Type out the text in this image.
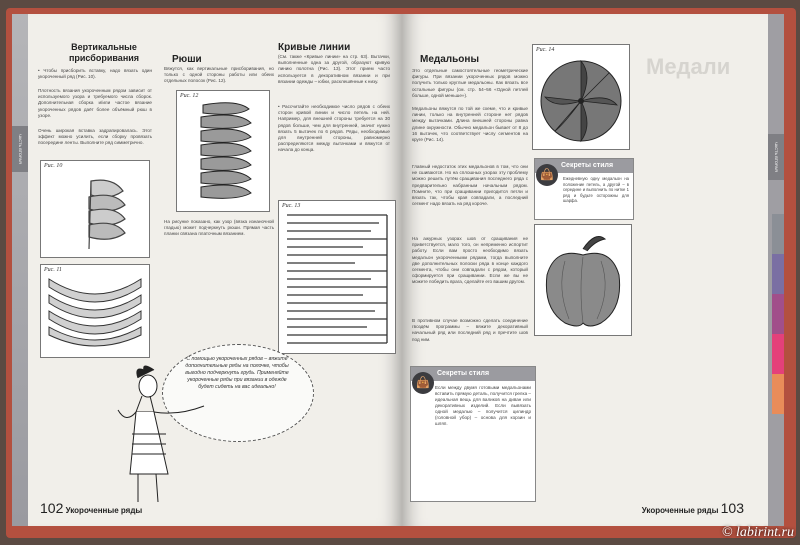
ЧАСТЬ ВТОРАЯ
Вертикальные присборивания
• Чтобы присборить вставку, надо вязать один укороченный ряд (Рис. 10).
Плотность вязания укороченным рядом зависит от используемого узора и требуемого числа сборок. Дополнительная сборка и/или частое вязание укороченных рядов даёт более объёмный рюш в узоре.
Очень широкая вставка задрапировалась. Этот эффект можно усилить, если сборку провязать посередине ленты. Выполните ряд симметрично.
Рис. 10
Рис. 11
Рюши
Вяжутся, как вертикальные присборивания, но только с одной стороны работы или обеих отдельных полосок (Рис. 12).
Рис. 12
На рисунке показано, как узор (вязка изнаночной гладью) может подчеркнуть рюши. Прямая часть планки связана платочным вязанием.
Кривые линии
(См. также «Кривые линии» на стр. 63). Вытачки, выполненные одна за другой, образуют кривую линию полотна (Рис. 13). Этот прием часто используется в декоративном вязании и при вязании одежды – юбки, расклешённые к низу.
• Рассчитайте необходимое число рядов с обеих сторон кривой линии и число петель на ней. Например, для внешней стороны требуется на 30 рядов больше, чем для внутренней, значит нужно вязать 5 вытачек по 6 рядов. Ряды, необходимые для внутренней стороны, равномерно распределяются между вытачками и вяжутся от начала до конца.
Рис. 13
С помощью укороченных рядов – вяжите дополнительные ряды на полочке, чтобы выгодно подчеркнуть грудь. Применяйте укороченные ряды при вязании в одежде будет сидеть на вас идеально!
102 Укороченные ряды
ЧАСТЬ ВТОРАЯ
Медали
Медальоны
Это отдельные самостоятельные геометрические фигуры. При вязании укороченных рядов можно получить только круглые медальоны. Как вязать все остальные фигуры (см. стр. 54–56 «Одной петлей больше, одной меньше»).
Медальоны вяжутся по той же схеме, что и кривые линии, только на внутренней стороне нет рядов между вытачками. Длина внешней стороны равна длине окружности. Обычно медальон бывает от 8 до 16 вытачек, что соответствует числу сегментов на круге (Рис. 14).
Главный недостаток этих медальонов в том, что они не сшиваются. Но на сплошных узорах эту проблему можно решить путём сращивания последнего ряда с предварительно набранным начальным рядом. Помните, что при сращивании пригодится петли и вязать так, чтобы края совпадали, а последний сегмент надо вязать на ряд короче.
На ажурных узорах шов от сращивания не приветствуется, мало того, он непременно испортит работу. Если вам просто необходимо вязать медальон укороченными рядами, тогда выполните две дополнительных полоски ряда в конце каждого сегмента, чтобы они совпадали с рядом, который сформируется при сращивании. Если же вы не можете победить врага, сделайте его вашим другом.
В противном случае возможно сделать соединение гвоздём программы – вяжите декоративный начальный ряд или последний ряд и пречтите шов под ним.
Рис. 14
Секреты стиля
Ежедневную одну медальон на положение петель, а другой – в середине и выполнить по нитке 1 ряд и будьте осторожны для шарфа.
👜
Секреты стиля
Если между двумя готовыми медальонами вставить прямую деталь, получится грелка – идеальная вещь для валиков на диван или декоративных изделий. Если вывязать одной медалью – получится цилиндр (головной убор) – основа для корзин и шляп.
👜
Укороченные ряды 103
© labirint.ru
